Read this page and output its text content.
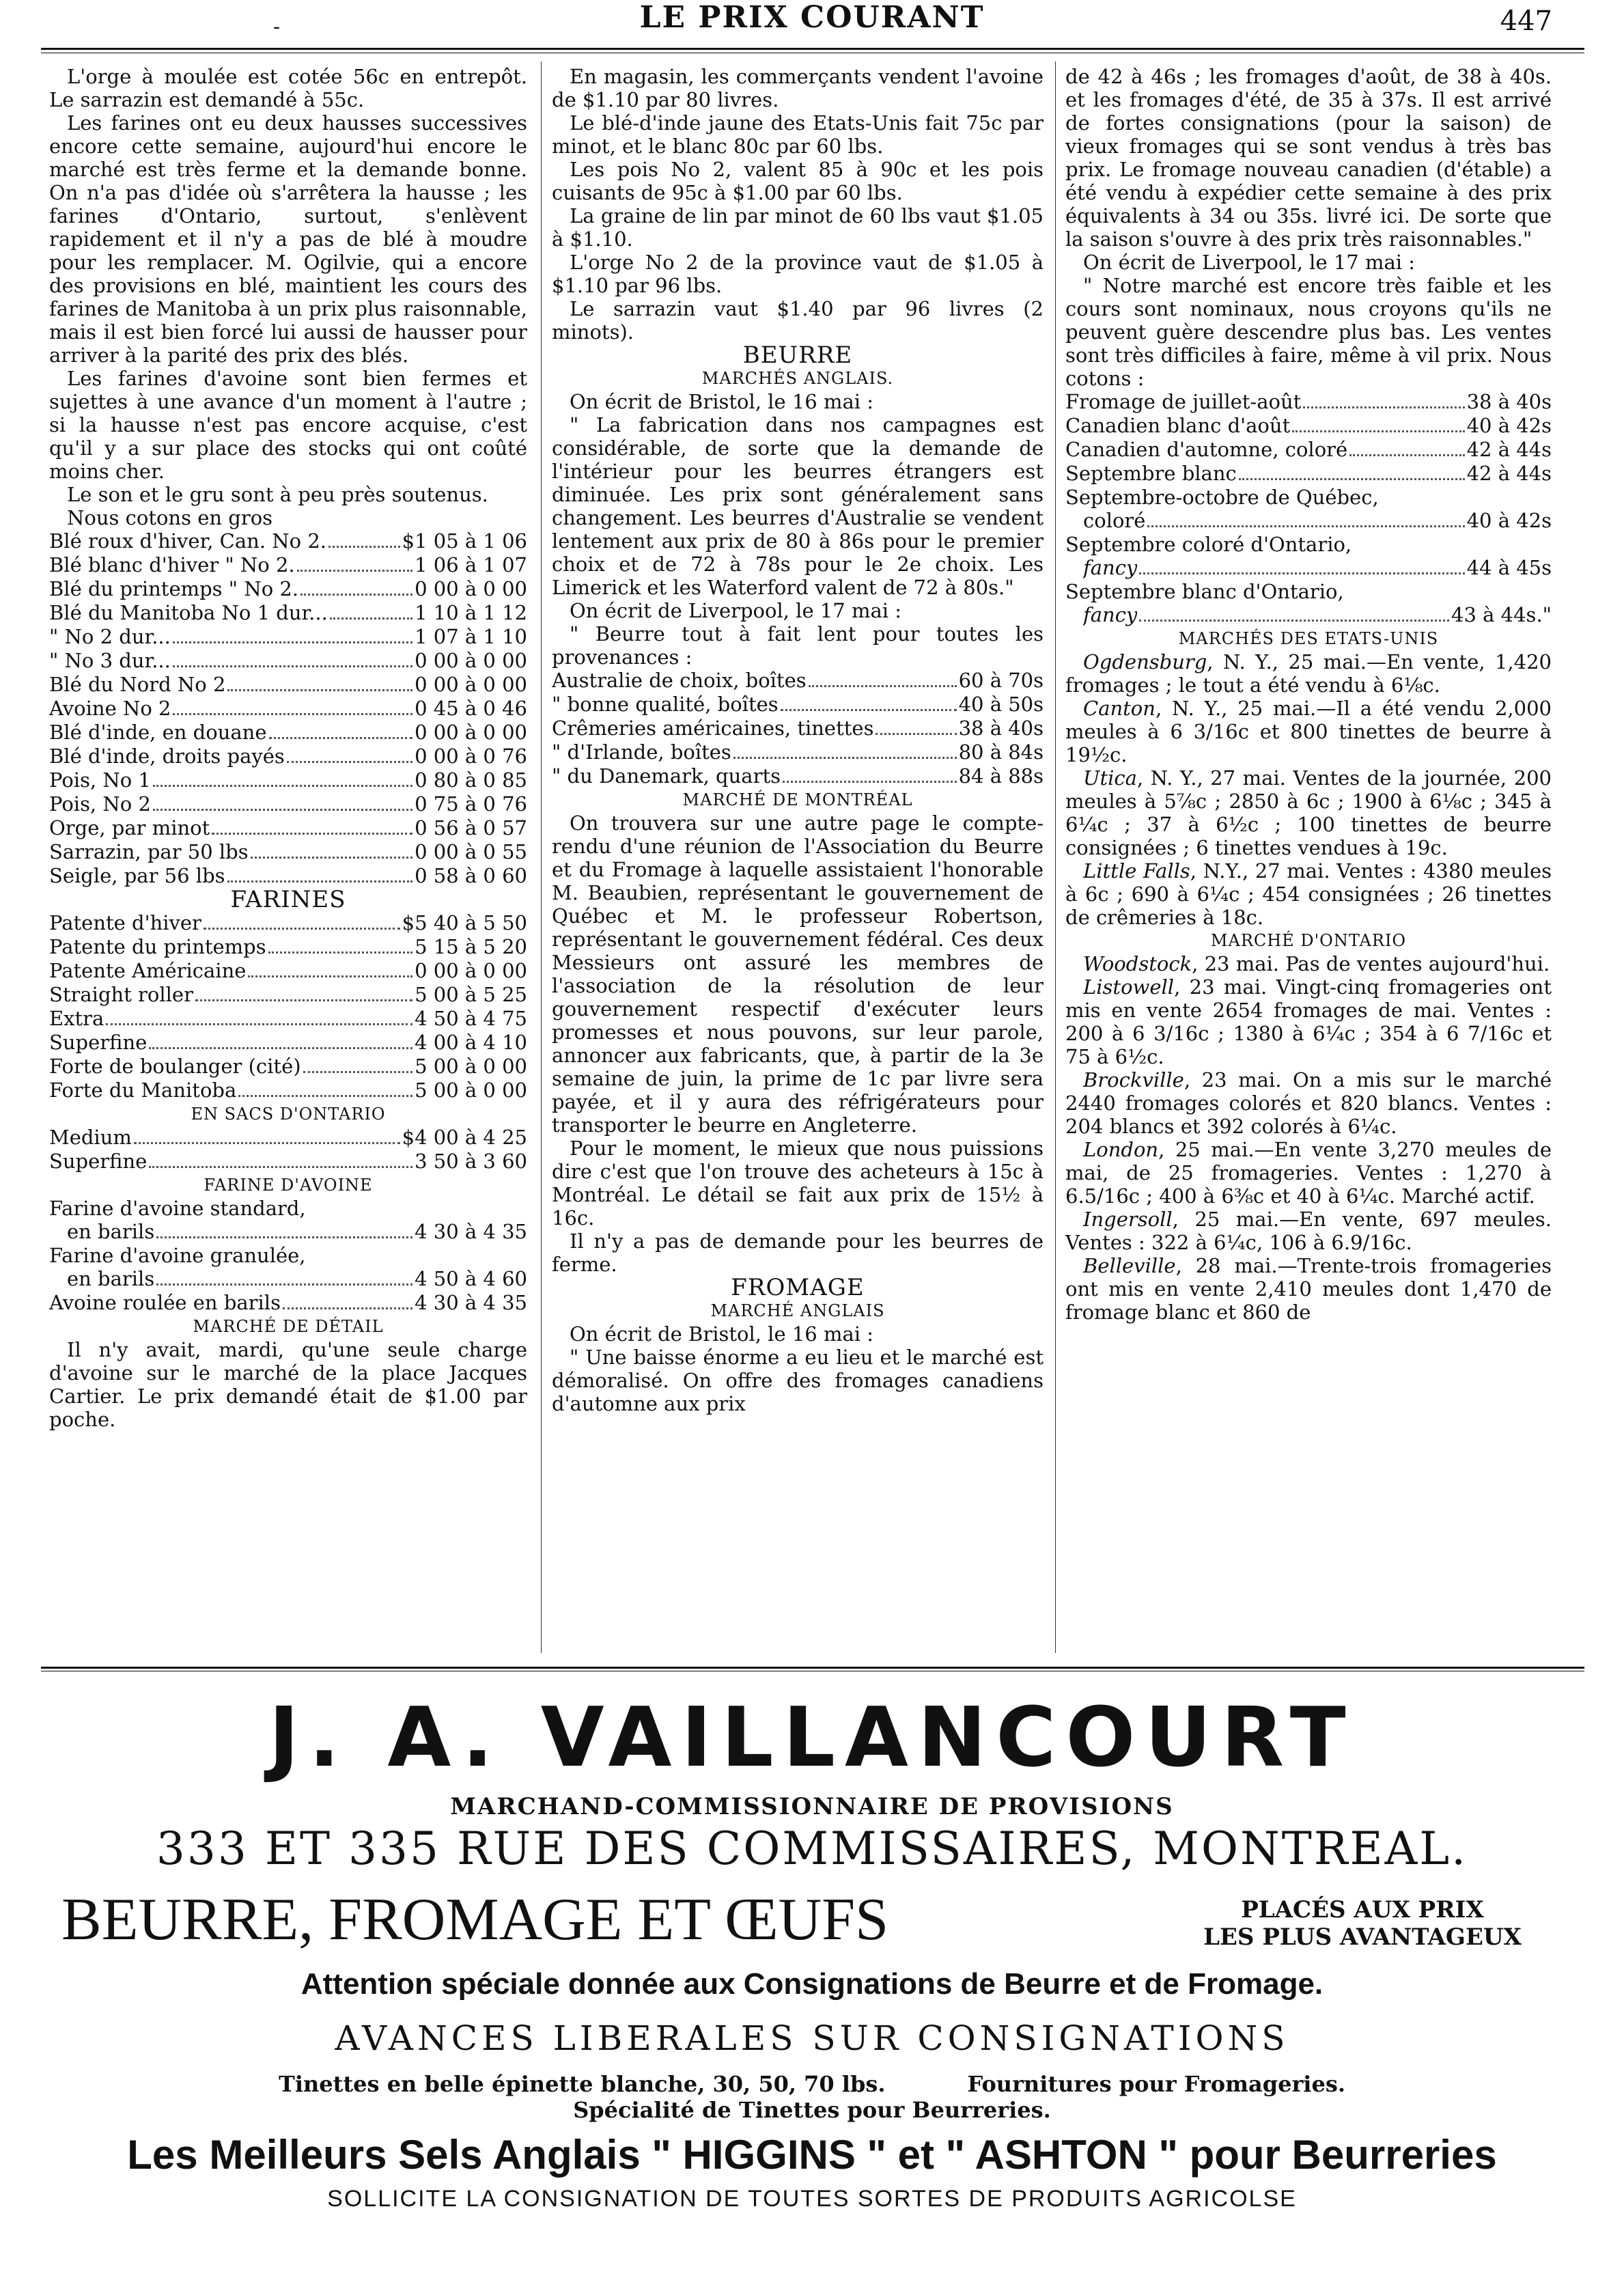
-	LE PRIX COURANT	447

L'orge à moulée est cotée 56c en entrepôt. Le sarrazin est demandé à 55c.

Les farines ont eu deux hausses successives encore cette semaine, aujourd'hui encore le marché est très ferme et la demande bonne. On n'a pas d'idée où s'arrêtera la hausse ; les farines d'Ontario, surtout, s'enlèvent rapidement et il n'y a pas de blé à moudre pour les remplacer. M. Ogilvie, qui a encore des provisions en blé, maintient les cours des farines de Manitoba à un prix plus raisonnable, mais il est bien forcé lui aussi de hausser pour arriver à la parité des prix des blés.

Les farines d'avoine sont bien fermes et sujettes à une avance d'un moment à l'autre ; si la hausse n'est pas encore acquise, c'est qu'il y a sur place des stocks qui ont coûté moins cher.

Le son et le gru sont à peu près soutenus.

Nous cotons en gros

Blé roux d'hiver, Can. No 2.	$1 05 à 1 06
Blé blanc d'hiver " No 2.	1 06 à 1 07
Blé du printemps " No 2.	0 00 à 0 00
Blé du Manitoba No 1 dur...	1 10 à 1 12
" No 2 dur...	1 07 à 1 10
" No 3 dur...	0 00 à 0 00
Blé du Nord No 2	0 00 à 0 00
Avoine No 2	0 45 à 0 46
Blé d'inde, en douane	0 00 à 0 00
Blé d'inde, droits payés	0 00 à 0 76
Pois, No 1	0 80 à 0 85
Pois, No 2	0 75 à 0 76
Orge, par minot	0 56 à 0 57
Sarrazin, par 50 lbs	0 00 à 0 55
Seigle, par 56 lbs	0 58 à 0 60

FARINES

Patente d'hiver	$5 40 à 5 50
Patente du printemps	5 15 à 5 20
Patente Américaine	0 00 à 0 00
Straight roller	5 00 à 5 25
Extra	4 50 à 4 75
Superfine	4 00 à 4 10
Forte de boulanger (cité)	5 00 à 0 00
Forte du Manitoba	5 00 à 0 00

EN SACS D'ONTARIO

Medium	$4 00 à 4 25
Superfine	3 50 à 3 60

FARINE D'AVOINE

Farine d'avoine standard,

en barils	4 30 à 4 35

Farine d'avoine granulée,

en barils	4 50 à 4 60
Avoine roulée en barils	4 30 à 4 35

MARCHÉ DE DÉTAIL

Il n'y avait, mardi, qu'une seule charge d'avoine sur le marché de la place Jacques Cartier. Le prix demandé était de $1.00 par poche.

En magasin, les commerçants vendent l'avoine de $1.10 par 80 livres.

Le blé-d'inde jaune des Etats-Unis fait 75c par minot, et le blanc 80c par 60 lbs.

Les pois No 2, valent 85 à 90c et les pois cuisants de 95c à $1.00 par 60 lbs.

La graine de lin par minot de 60 lbs vaut $1.05 à $1.10.

L'orge No 2 de la province vaut de $1.05 à $1.10 par 96 lbs.

Le sarrazin vaut $1.40 par 96 livres (2 minots).

BEURRE

MARCHÉS ANGLAIS.

On écrit de Bristol, le 16 mai :

" La fabrication dans nos campagnes est considérable, de sorte que la demande de l'intérieur pour les beurres étrangers est diminuée. Les prix sont généralement sans changement. Les beurres d'Australie se vendent lentement aux prix de 80 à 86s pour le premier choix et de 72 à 78s pour le 2e choix. Les Limerick et les Waterford valent de 72 à 80s."

On écrit de Liverpool, le 17 mai :

" Beurre tout à fait lent pour toutes les provenances :

Australie de choix, boîtes	60 à 70s
" bonne qualité, boîtes	40 à 50s
Crêmeries américaines, tinettes	38 à 40s
" d'Irlande, boîtes	80 à 84s
" du Danemark, quarts	84 à 88s

MARCHÉ DE MONTRÉAL

On trouvera sur une autre page le compte-rendu d'une réunion de l'Association du Beurre et du Fromage à laquelle assistaient l'honorable M. Beaubien, représentant le gouvernement de Québec et M. le professeur Robertson, représentant le gouvernement fédéral. Ces deux Messieurs ont assuré les membres de l'association de la résolution de leur gouvernement respectif d'exécuter leurs promesses et nous pouvons, sur leur parole, annoncer aux fabricants, que, à partir de la 3e semaine de juin, la prime de 1c par livre sera payée, et il y aura des réfrigérateurs pour transporter le beurre en Angleterre.

Pour le moment, le mieux que nous puissions dire c'est que l'on trouve des acheteurs à 15c à Montréal. Le détail se fait aux prix de 15½ à 16c.

Il n'y a pas de demande pour les beurres de ferme.

FROMAGE

MARCHÉ ANGLAIS

On écrit de Bristol, le 16 mai :

" Une baisse énorme a eu lieu et le marché est démoralisé. On offre des fromages canadiens d'automne aux prix

de 42 à 46s ; les fromages d'août, de 38 à 40s. et les fromages d'été, de 35 à 37s. Il est arrivé de fortes consignations (pour la saison) de vieux fromages qui se sont vendus à très bas prix. Le fromage nouveau canadien (d'étable) a été vendu à expédier cette semaine à des prix équivalents à 34 ou 35s. livré ici. De sorte que la saison s'ouvre à des prix très raisonnables."

On écrit de Liverpool, le 17 mai :

" Notre marché est encore très faible et les cours sont nominaux, nous croyons qu'ils ne peuvent guère descendre plus bas. Les ventes sont très difficiles à faire, même à vil prix. Nous cotons :

Fromage de juillet-août	38 à 40s
Canadien blanc d'août	40 à 42s
Canadien d'automne, coloré	42 à 44s
Septembre blanc	42 à 44s

Septembre-octobre de Québec,

coloré	40 à 42s

Septembre coloré d'Ontario,

fancy	44 à 45s

Septembre blanc d'Ontario,

fancy	43 à 44s."

MARCHÉS DES ETATS-UNIS

Ogdensburg, N. Y., 25 mai.—En vente, 1,420 fromages ; le tout a été vendu à 6⅛c.

Canton, N. Y., 25 mai.—Il a été vendu 2,000 meules à 6 3/16c et 800 tinettes de beurre à 19½c.

Utica, N. Y., 27 mai. Ventes de la journée, 200 meules à 5⅞c ; 2850 à 6c ; 1900 à 6⅛c ; 345 à 6¼c ; 37 à 6½c ; 100 tinettes de beurre consignées ; 6 tinettes vendues à 19c.

Little Falls, N.Y., 27 mai. Ventes : 4380 meules à 6c ; 690 à 6¼c ; 454 consignées ; 26 tinettes de crêmeries à 18c.

MARCHÉ D'ONTARIO

Woodstock, 23 mai. Pas de ventes aujourd'hui.

Listowell, 23 mai. Vingt-cinq fromageries ont mis en vente 2654 fromages de mai. Ventes : 200 à 6 3/16c ; 1380 à 6¼c ; 354 à 6 7/16c et 75 à 6½c.

Brockville, 23 mai. On a mis sur le marché 2440 fromages colorés et 820 blancs. Ventes : 204 blancs et 392 colorés à 6¼c.

London, 25 mai.—En vente 3,270 meules de mai, de 25 fromageries. Ventes : 1,270 à 6.5/16c ; 400 à 6⅜c et 40 à 6¼c. Marché actif.

Ingersoll, 25 mai.—En vente, 697 meules. Ventes : 322 à 6¼c, 106 à 6.9/16c.

Belleville, 28 mai.—Trente-trois fromageries ont mis en vente 2,410 meules dont 1,470 de fromage blanc et 860 de

J. A. VAILLANCOURT
MARCHAND-COMMISSIONNAIRE DE PROVISIONS
333 ET 335 RUE DES COMMISSAIRES, MONTREAL.
BEURRE, FROMAGE ET ŒUFS	PLACÉS AUX PRIX
LES PLUS AVANTAGEUX
Attention spéciale donnée aux Consignations de Beurre et de Fromage.
AVANCES LIBERALES SUR CONSIGNATIONS
Tinettes en belle épinette blanche, 30, 50, 70 lbs.	Fournitures pour Fromageries.
Spécialité de Tinettes pour Beurreries.
Les Meilleurs Sels Anglais " HIGGINS " et " ASHTON " pour Beurreries
SOLLICITE LA CONSIGNATION DE TOUTES SORTES DE PRODUITS AGRICOLSE
